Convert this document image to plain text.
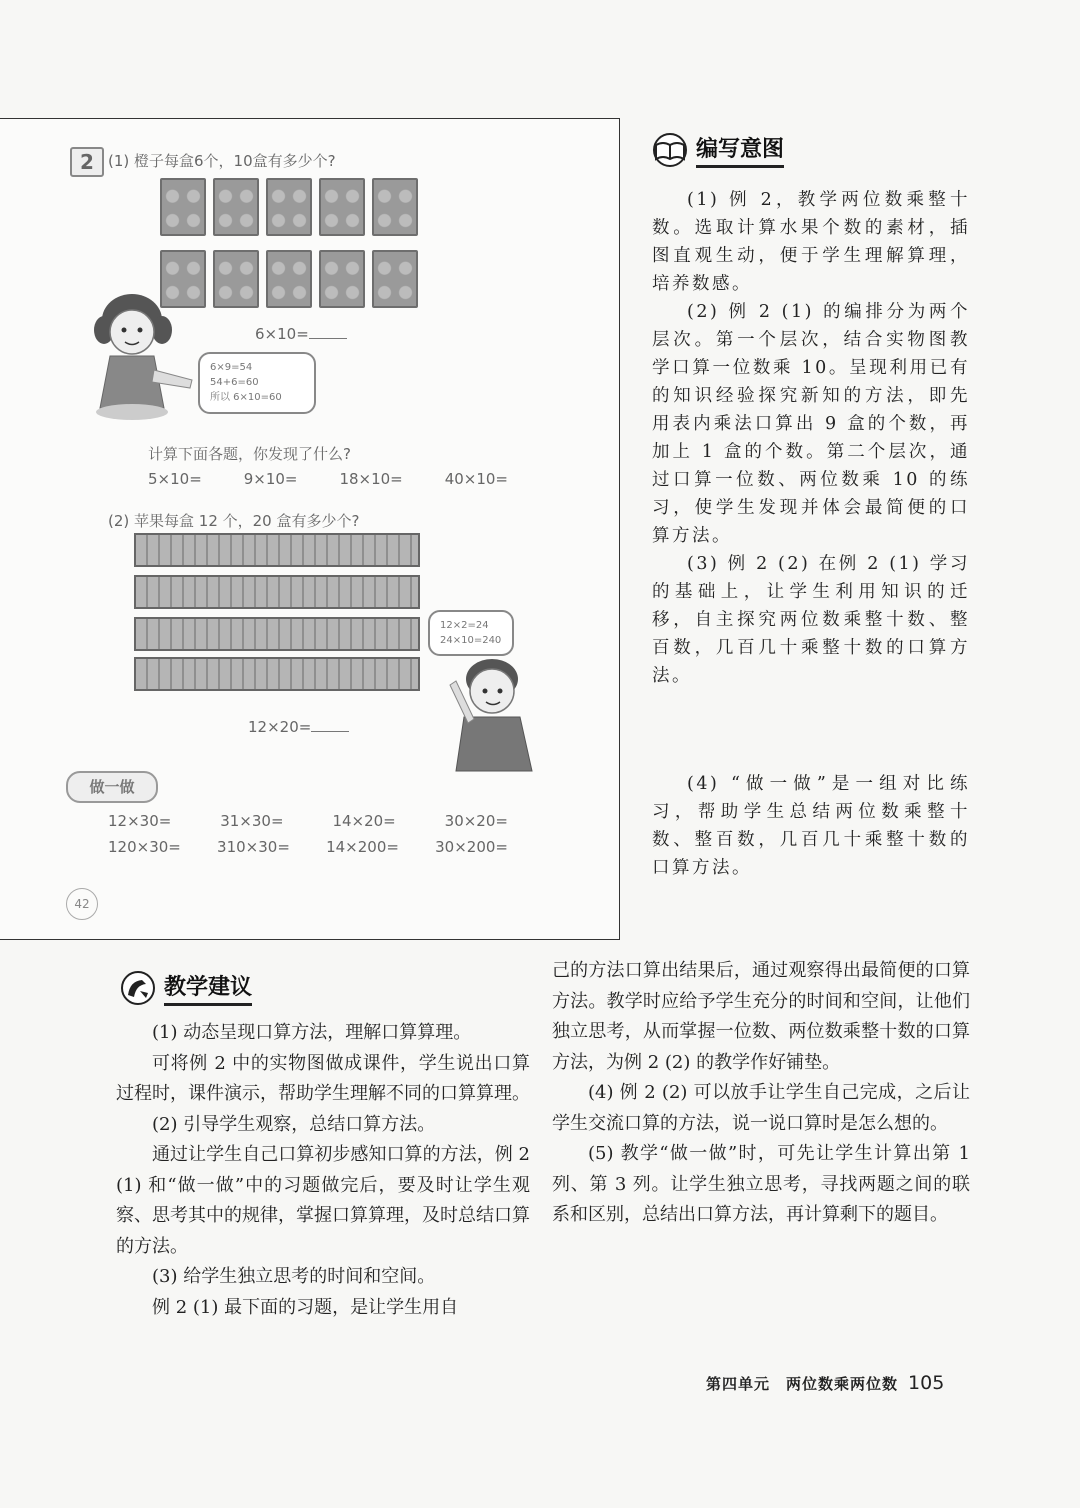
2 (1) 橙子每盒6个，10盒有多少个?
6×10=
6×9=54
54+6=60
所以 6×10=60
计算下面各题，你发现了什么?
5×10=	9×10=	18×10=	40×10=
(2) 苹果每盒 12 个，20 盒有多少个?
12×2=24
24×10=240
12×20=
做一做
12×30=	31×30=	14×20=	30×20=
120×30= 310×30= 14×200= 30×200=
42
编写意图

(1) 例 2，教学两位数乘整十数。选取计算水果个数的素材，插图直观生动，便于学生理解算理，培养数感。

(2) 例 2 (1) 的编排分为两个层次。第一个层次，结合实物图教学口算一位数乘 10。呈现利用已有的知识经验探究新知的方法，即先用表内乘法口算出 9 盒的个数，再加上 1 盒的个数。第二个层次，通过口算一位数、两位数乘 10 的练习，使学生发现并体会最简便的口算方法。

(3) 例 2 (2) 在例 2 (1) 学习的基础上，让学生利用知识的迁移，自主探究两位数乘整十数、整百数，几百几十乘整十数的口算方法。

(4) “做一做”是一组对比练习，帮助学生总结两位数乘整十数、整百数，几百几十乘整十数的口算方法。

教学建议

(1) 动态呈现口算方法，理解口算算理。

可将例 2 中的实物图做成课件，学生说出口算过程时，课件演示，帮助学生理解不同的口算算理。

(2) 引导学生观察，总结口算方法。

通过让学生自己口算初步感知口算的方法，例 2 (1) 和“做一做”中的习题做完后，要及时让学生观察、思考其中的规律，掌握口算算理，及时总结口算的方法。

(3) 给学生独立思考的时间和空间。

例 2 (1) 最下面的习题，是让学生用自

己的方法口算出结果后，通过观察得出最简便的口算方法。教学时应给予学生充分的时间和空间，让他们独立思考，从而掌握一位数、两位数乘整十数的口算方法，为例 2 (2) 的教学作好铺垫。

(4) 例 2 (2) 可以放手让学生自己完成，之后让学生交流口算的方法，说一说口算时是怎么想的。

(5) 教学“做一做”时，可先让学生计算出第 1 列、第 3 列。让学生独立思考，寻找两题之间的联系和区别，总结出口算方法，再计算剩下的题目。

第四单元　两位数乘两位数 105
